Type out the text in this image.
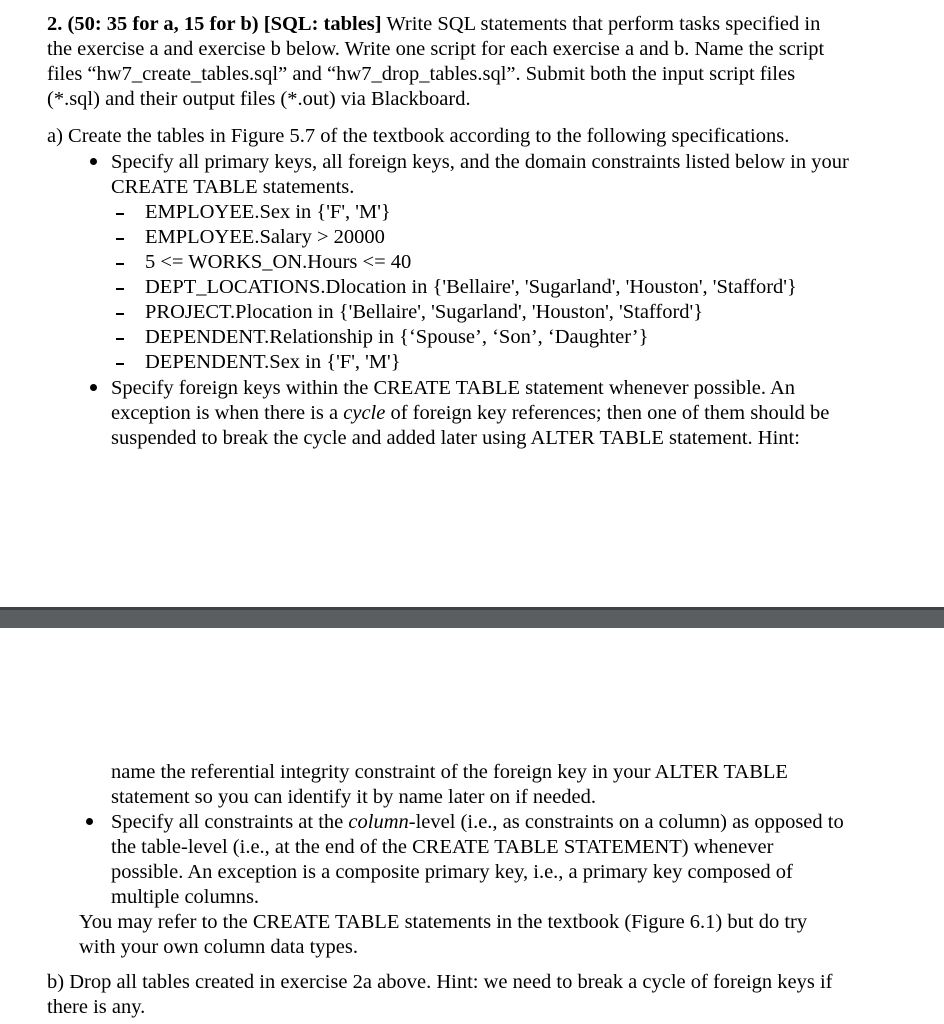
2. (50: 35 for a, 15 for b) [SQL: tables] Write SQL statements that perform tasks specified in
the exercise a and exercise b below. Write one script for each exercise a and b. Name the script
files “hw7_create_tables.sql” and “hw7_drop_tables.sql”. Submit both the input script files
(*.sql) and their output files (*.out) via Blackboard.
a) Create the tables in Figure 5.7 of the textbook according to the following specifications.
Specify all primary keys, all foreign keys, and the domain constraints listed below in your
CREATE TABLE statements.
EMPLOYEE.Sex in {'F', 'M'}
EMPLOYEE.Salary > 20000
5 <= WORKS_ON.Hours <= 40
DEPT_LOCATIONS.Dlocation in {'Bellaire', 'Sugarland', 'Houston', 'Stafford'}
PROJECT.Plocation in {'Bellaire', 'Sugarland', 'Houston', 'Stafford'}
DEPENDENT.Relationship in {‘Spouse’, ‘Son’, ‘Daughter’}
DEPENDENT.Sex in {'F', 'M'}
Specify foreign keys within the CREATE TABLE statement whenever possible. An
exception is when there is a cycle of foreign key references; then one of them should be
suspended to break the cycle and added later using ALTER TABLE statement. Hint:
name the referential integrity constraint of the foreign key in your ALTER TABLE
statement so you can identify it by name later on if needed.
Specify all constraints at the column-level (i.e., as constraints on a column) as opposed to
the table-level (i.e., at the end of the CREATE TABLE STATEMENT) whenever
possible. An exception is a composite primary key, i.e., a primary key composed of
multiple columns.
You may refer to the CREATE TABLE statements in the textbook (Figure 6.1) but do try
with your own column data types.
b) Drop all tables created in exercise 2a above. Hint: we need to break a cycle of foreign keys if
there is any.
